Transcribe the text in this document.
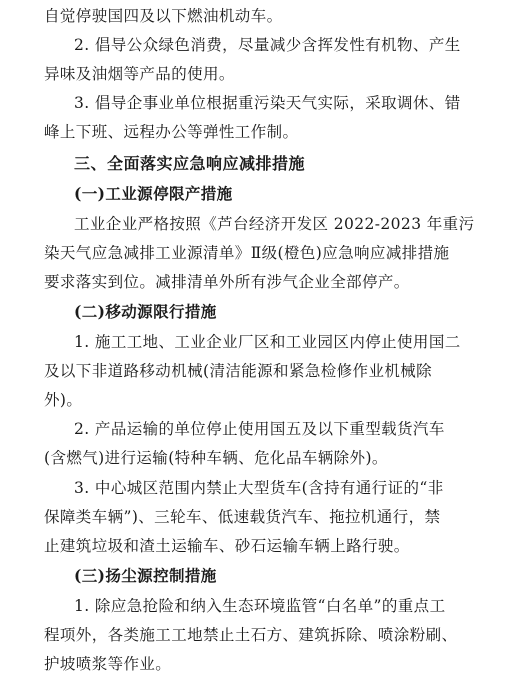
自觉停驶国四及以下燃油机动车。
2. 倡导公众绿色消费，尽量减少含挥发性有机物、产生
异味及油烟等产品的使用。
3. 倡导企事业单位根据重污染天气实际，采取调休、错
峰上下班、远程办公等弹性工作制。
三、全面落实应急响应减排措施
(一)工业源停限产措施
工业企业严格按照《芦台经济开发区 2022-2023 年重污
染天气应急减排工业源清单》Ⅱ级(橙色)应急响应减排措施
要求落实到位。减排清单外所有涉气企业全部停产。
(二)移动源限行措施
1. 施工工地、工业企业厂区和工业园区内停止使用国二
及以下非道路移动机械(清洁能源和紧急检修作业机械除
外)。
2. 产品运输的单位停止使用国五及以下重型载货汽车
(含燃气)进行运输(特种车辆、危化品车辆除外)。
3. 中心城区范围内禁止大型货车(含持有通行证的“非
保障类车辆”)、三轮车、低速载货汽车、拖拉机通行，禁
止建筑垃圾和渣土运输车、砂石运输车辆上路行驶。
(三)扬尘源控制措施
1. 除应急抢险和纳入生态环境监管“白名单”的重点工
程项外，各类施工工地禁止土石方、建筑拆除、喷涂粉刷、
护坡喷浆等作业。
